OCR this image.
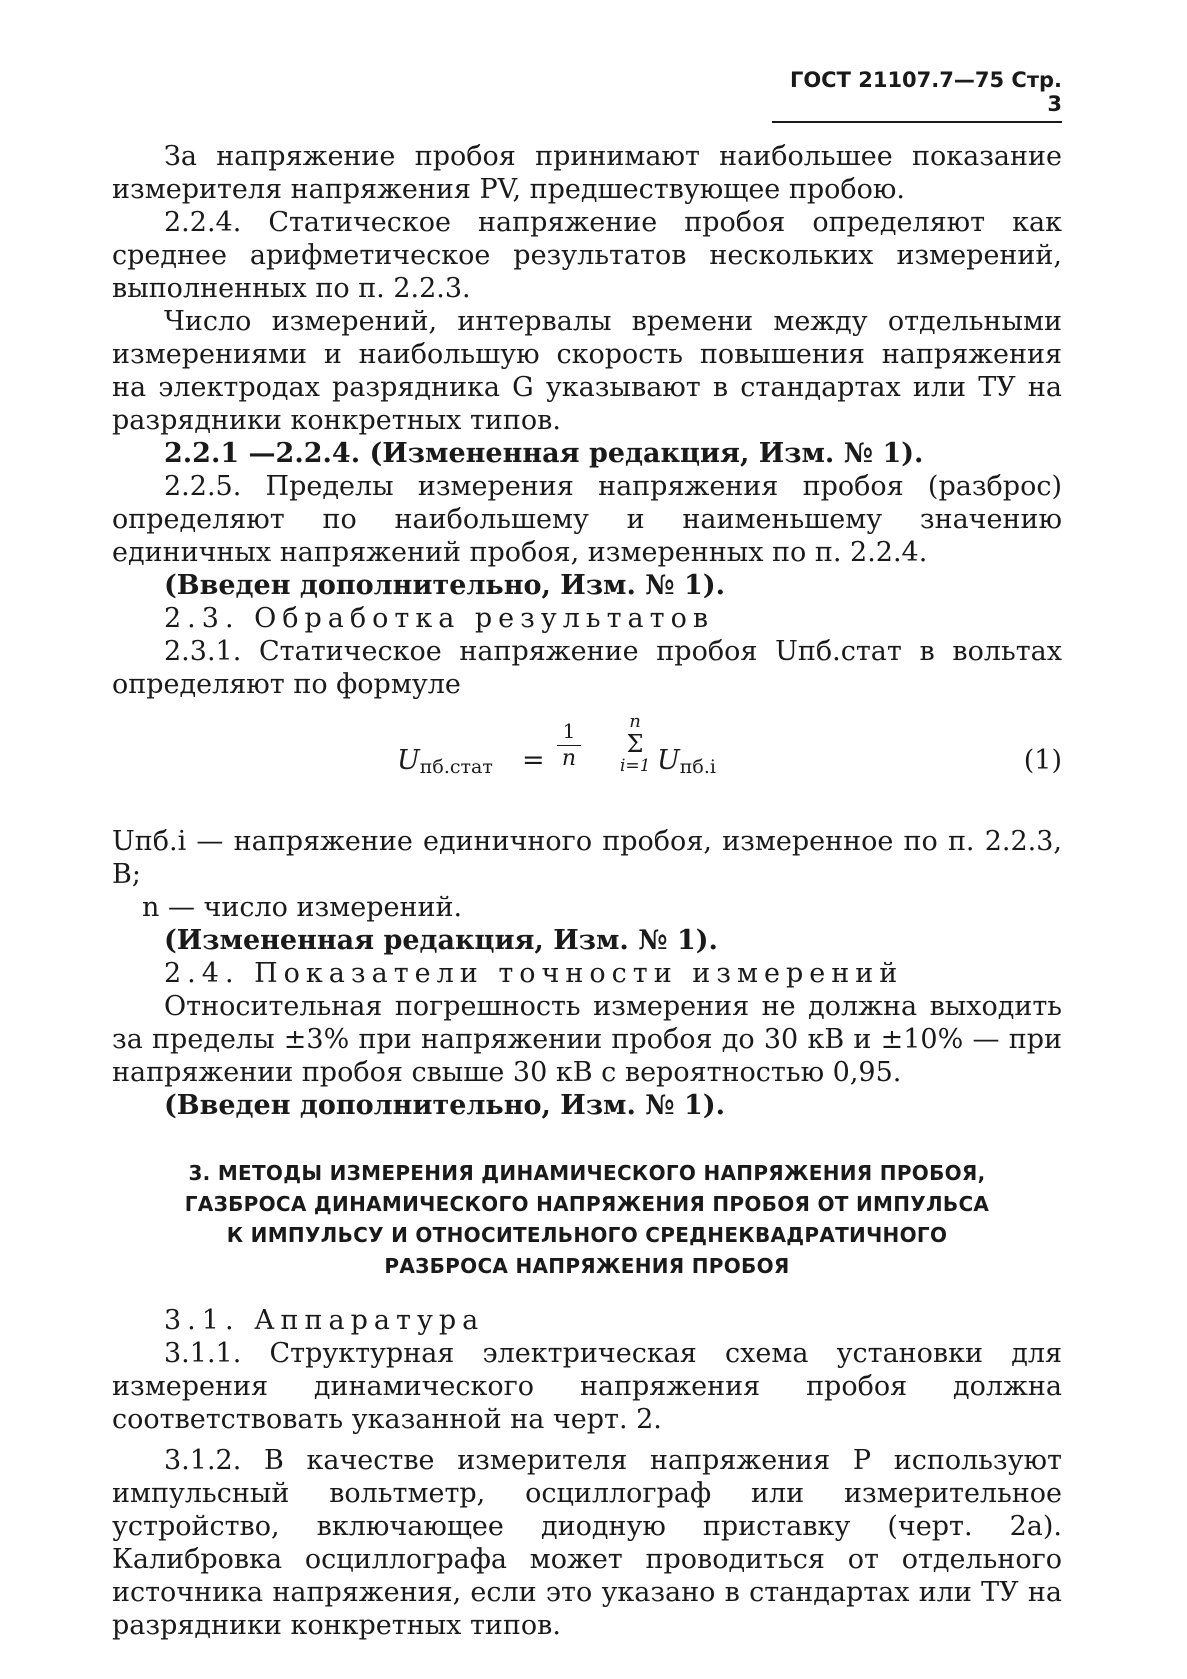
ГОСТ 21107.7—75 Стр. 3

За напряжение пробоя принимают наибольшее показание измерителя напряжения PV, предшествующее пробою.

2.2.4. Статическое напряжение пробоя определяют как среднее арифметическое результатов нескольких измерений, выполненных по п. 2.2.3.

Число измерений, интервалы времени между отдельными измерениями и наибольшую скорость повышения напряжения на электродах разрядника G указывают в стандартах или ТУ на разрядники конкретных типов.

2.2.1 —2.2.4. (Измененная редакция, Изм. № 1).

2.2.5. Пределы измерения напряжения пробоя (разброс) определяют по наибольшему и наименьшему значению единичных напряжений пробоя, измеренных по п. 2.2.4.

(Введен дополнительно, Изм. № 1).

2.3. Обработка результатов

2.3.1. Статическое напряжение пробоя Uпб.стат в вольтах определяют по формуле

$U_{пб.стат} = \frac{1}{n}$	n
Σ
i=1 $U_{пб.i}$	(1)

Uпб.i — напряжение единичного пробоя, измеренное по п. 2.2.3, В;

n — число измерений.

(Измененная редакция, Изм. № 1).

2.4. Показатели точности измерений

Относительная погрешность измерения не должна выходить за пределы ±3% при напряжении пробоя до 30 кВ и ±10% — при напряжении пробоя свыше 30 кВ с вероятностью 0,95.

(Введен дополнительно, Изм. № 1).

3. МЕТОДЫ ИЗМЕРЕНИЯ ДИНАМИЧЕСКОГО НАПРЯЖЕНИЯ ПРОБОЯ,
ГАЗБРОСА ДИНАМИЧЕСКОГО НАПРЯЖЕНИЯ ПРОБОЯ ОТ ИМПУЛЬСА
К ИМПУЛЬСУ И ОТНОСИТЕЛЬНОГО СРЕДНЕКВАДРАТИЧНОГО
РАЗБРОСА НАПРЯЖЕНИЯ ПРОБОЯ

3.1. Аппаратура

3.1.1. Структурная электрическая схема установки для измерения динамического напряжения пробоя должна соответствовать указанной на черт. 2.

3.1.2. В качестве измерителя напряжения P используют импульсный вольтметр, осциллограф или измерительное устройство, включающее диодную приставку (черт. 2а). Калибровка осциллографа может проводиться от отдельного источника напряжения, если это указано в стандартах или ТУ на разрядники конкретных типов.
